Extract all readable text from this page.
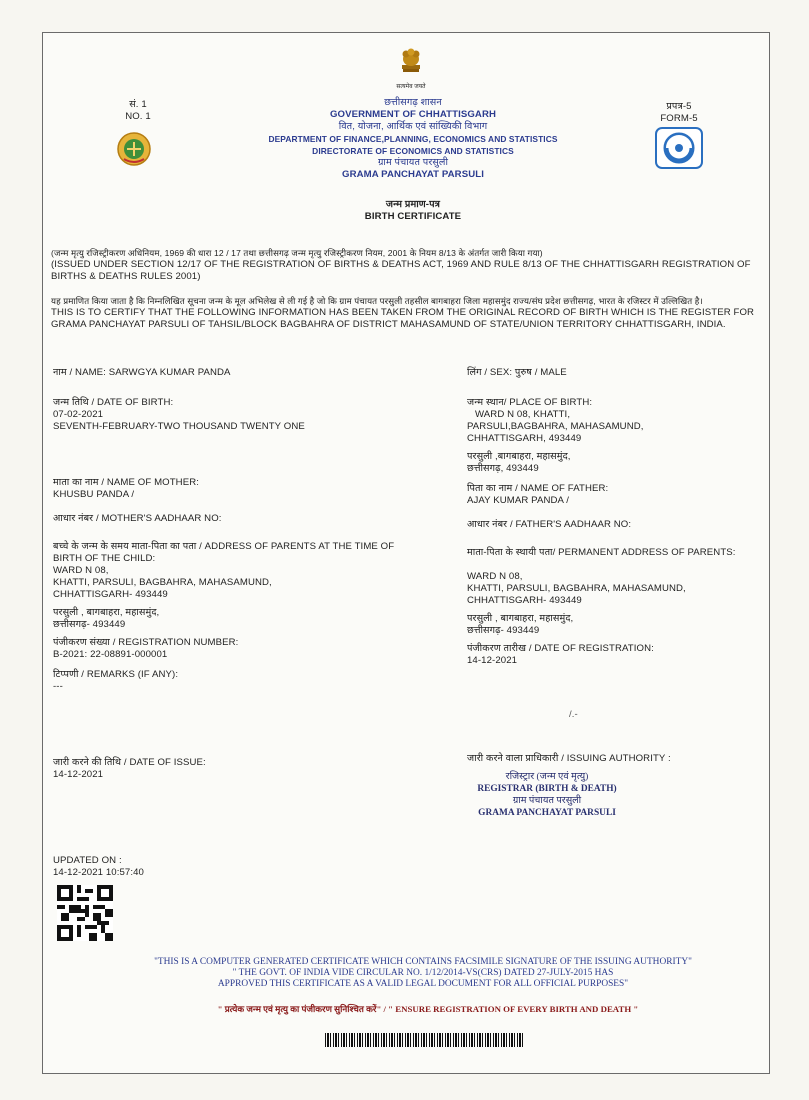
सं. 1
NO. 1
सत्यमेव जयते
छत्तीसगढ़ शासन
GOVERNMENT OF CHHATTISGARH
वित, योजना, आर्थिक एवं सांख्यिकी विभाग
DEPARTMENT OF FINANCE,PLANNING, ECONOMICS AND STATISTICS
DIRECTORATE OF ECONOMICS AND STATISTICS
ग्राम पंचायत परसुली
GRAMA PANCHAYAT PARSULI
प्रपत्र-5
FORM-5
जन्म प्रमाण-पत्र
BIRTH CERTIFICATE
(जन्म मृत्यु रजिस्ट्रीकरण अधिनियम, 1969 की धारा 12 / 17 तथा छत्तीसगढ़ जन्म मृत्यु रजिस्ट्रीकरण नियम, 2001 के नियम 8/13 के अंतर्गत जारी किया गया)
(ISSUED UNDER SECTION 12/17 OF THE REGISTRATION OF BIRTHS & DEATHS ACT, 1969 AND RULE 8/13 OF THE CHHATTISGARH REGISTRATION OF BIRTHS & DEATHS RULES 2001)
यह प्रमाणित किया जाता है कि निम्नलिखित सूचना जन्म के मूल अभिलेख से ली गई है जो कि ग्राम पंचायत परसुली तहसील बागबाहरा जिला महासमुंद राज्य/संघ प्रदेश छत्तीसगढ़, भारत के रजिस्टर में उल्लिखित है।
THIS IS TO CERTIFY THAT THE FOLLOWING INFORMATION HAS BEEN TAKEN FROM THE ORIGINAL RECORD OF BIRTH WHICH IS THE REGISTER FOR GRAMA PANCHAYAT PARSULI OF TAHSIL/BLOCK BAGBAHRA OF DISTRICT MAHASAMUND OF STATE/UNION TERRITORY CHHATTISGARH, INDIA.
नाम / NAME: SARWGYA KUMAR PANDA
जन्म तिथि / DATE OF BIRTH:
07-02-2021
SEVENTH-FEBRUARY-TWO THOUSAND TWENTY ONE
माता का नाम / NAME OF MOTHER:
KHUSBU PANDA /
आधार नंबर / MOTHER'S AADHAAR NO:
बच्चे के जन्म के समय माता-पिता का पता / ADDRESS OF PARENTS AT THE TIME OF
BIRTH OF THE CHILD:
WARD N 08,
KHATTI, PARSULI, BAGBAHRA, MAHASAMUND,
CHHATTISGARH- 493449
परसुली , बागबाहरा, महासमुंद,
छत्तीसगढ़- 493449
पंजीकरण संख्या / REGISTRATION NUMBER:
B-2021: 22-08891-000001
टिप्पणी / REMARKS (IF ANY):
---
लिंग / SEX: पुरुष / MALE
जन्म स्थान/ PLACE OF BIRTH:
WARD N 08, KHATTI,
PARSULI,BAGBAHRA, MAHASAMUND,
CHHATTISGARH, 493449
परसुली ,बागबाहरा, महासमुंद,
छत्तीसगढ़, 493449
पिता का नाम / NAME OF FATHER:
AJAY KUMAR PANDA /
आधार नंबर / FATHER'S AADHAAR NO:
माता-पिता के स्थायी पता/ PERMANENT ADDRESS OF PARENTS:
WARD N 08,
KHATTI, PARSULI, BAGBAHRA, MAHASAMUND,
CHHATTISGARH- 493449
परसुली , बागबाहरा, महासमुंद,
छत्तीसगढ़- 493449
पंजीकरण तारीख / DATE OF REGISTRATION:
14-12-2021
/.-
जारी करने की तिथि / DATE OF ISSUE:
14-12-2021
जारी करने वाला प्राधिकारी / ISSUING AUTHORITY :
रजिस्ट्रार (जन्म एवं मृत्यु)
REGISTRAR (BIRTH & DEATH)
ग्राम पंचायत परसुली
GRAMA PANCHAYAT PARSULI
UPDATED ON :
14-12-2021 10:57:40
"THIS IS A COMPUTER GENERATED CERTIFICATE WHICH CONTAINS FACSIMILE SIGNATURE OF THE ISSUING AUTHORITY"
" THE GOVT. OF INDIA VIDE CIRCULAR NO. 1/12/2014-VS(CRS) DATED 27-JULY-2015 HAS
APPROVED THIS CERTIFICATE AS A VALID LEGAL DOCUMENT FOR ALL OFFICIAL PURPOSES"
" प्रत्येक जन्म एवं मृत्यु का पंजीकरण सुनिश्चित करें" / " ENSURE REGISTRATION OF EVERY BIRTH AND DEATH "
